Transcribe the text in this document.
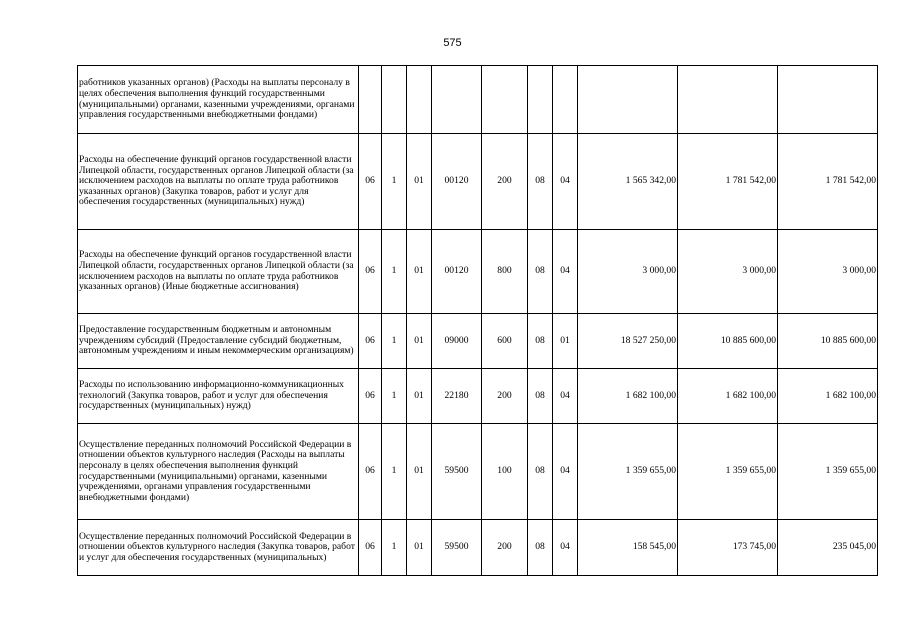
575
работников указанных органов) (Расходы на выплаты персоналу в целях обеспечения выполнения функций государственными (муниципальными) органами, казенными учреждениями, органами управления государственными внебюджетными фондами)										
Расходы на обеспечение функций органов государственной власти Липецкой области, государственных органов Липецкой области (за исключением расходов на выплаты по оплате труда работников указанных органов) (Закупка товаров, работ и услуг для обеспечения государственных (муниципальных) нужд)	06	1	01	00120	200	08	04	1 565 342,00	1 781 542,00	1 781 542,00
Расходы на обеспечение функций органов государственной власти Липецкой области, государственных органов Липецкой области (за исключением расходов на выплаты по оплате труда работников указанных органов) (Иные бюджетные ассигнования)	06	1	01	00120	800	08	04	3 000,00	3 000,00	3 000,00
Предоставление государственным бюджетным и автономным учреждениям субсидий (Предоставление субсидий бюджетным, автономным учреждениям и иным некоммерческим организациям)	06	1	01	09000	600	08	01	18 527 250,00	10 885 600,00	10 885 600,00
Расходы по использованию информационно-коммуникационных технологий (Закупка товаров, работ и услуг для обеспечения государственных (муниципальных) нужд)	06	1	01	22180	200	08	04	1 682 100,00	1 682 100,00	1 682 100,00
Осуществление переданных полномочий Российской Федерации в отношении объектов культурного наследия (Расходы на выплаты персоналу в целях обеспечения выполнения функций государственными (муниципальными) органами, казенными учреждениями, органами управления государственными внебюджетными фондами)	06	1	01	59500	100	08	04	1 359 655,00	1 359 655,00	1 359 655,00
Осуществление переданных полномочий Российской Федерации в отношении объектов культурного наследия (Закупка товаров, работ и услуг для обеспечения государственных (муниципальных)	06	1	01	59500	200	08	04	158 545,00	173 745,00	235 045,00
